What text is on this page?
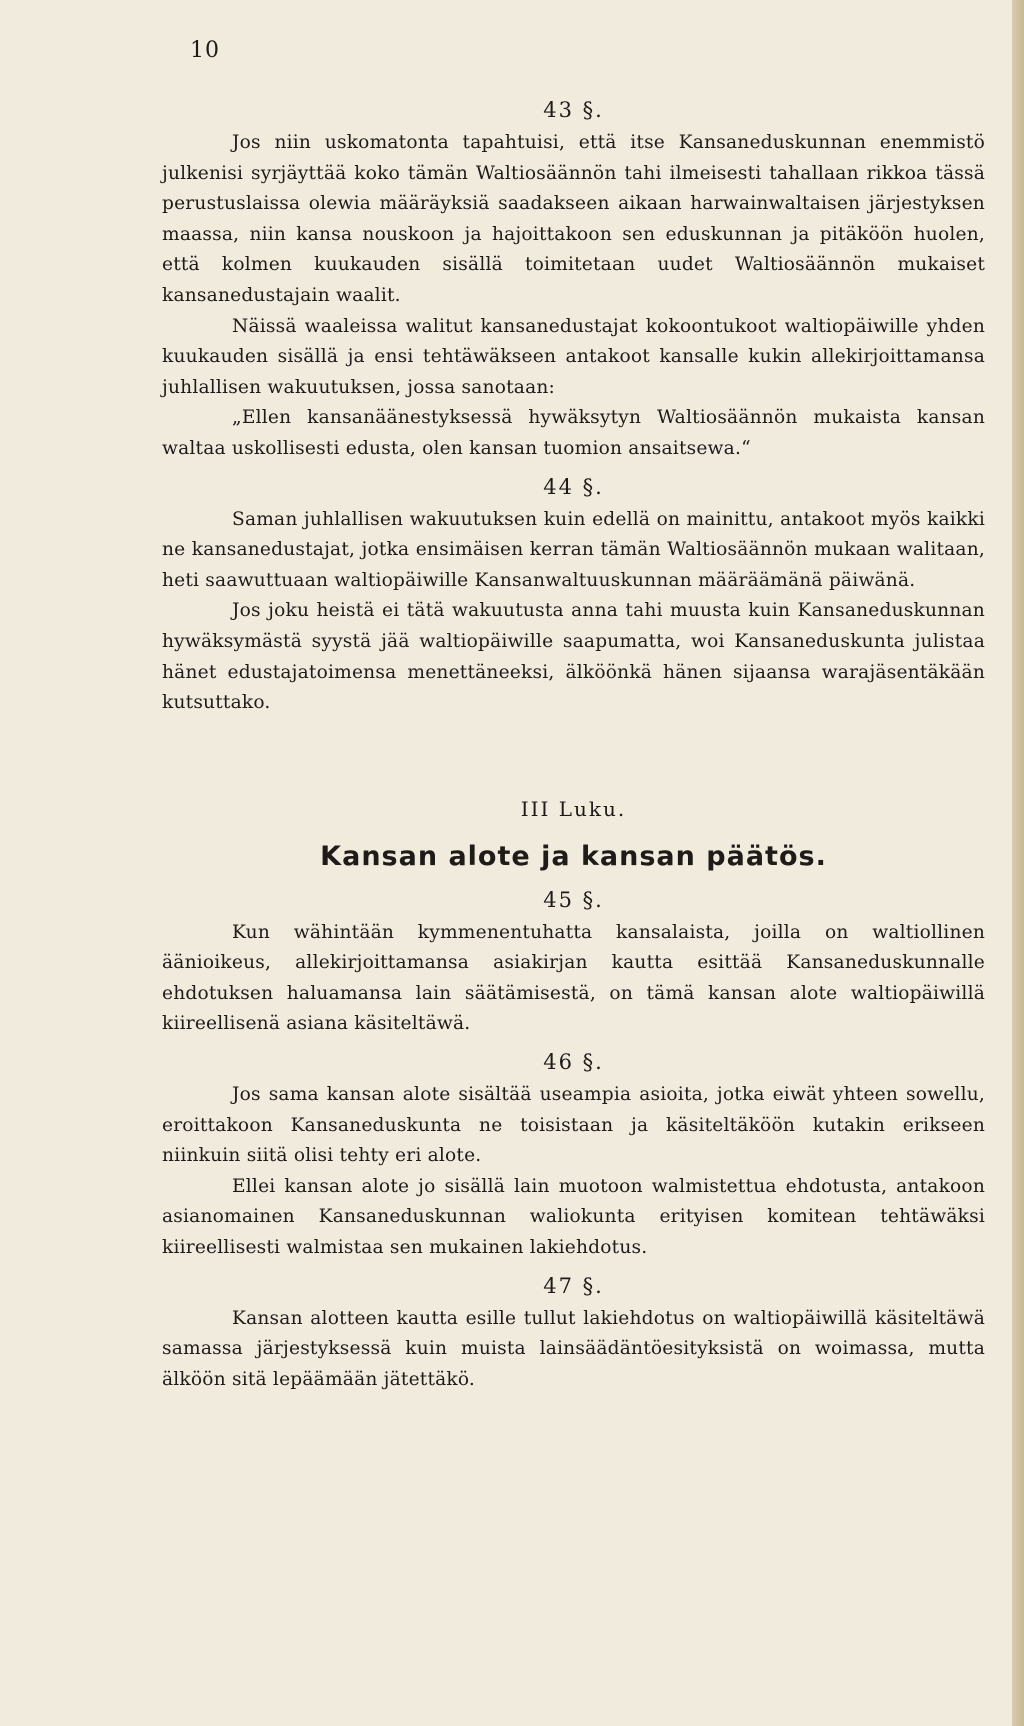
10
43 §.

Jos niin uskomatonta tapahtuisi, että itse Kansaneduskunnan enemmistö julkenisi syrjäyttää koko tämän Waltiosäännön tahi ilmeisesti tahallaan rikkoa tässä perustuslaissa olewia määräyksiä saadakseen aikaan harwainwaltaisen järjestyksen maassa, niin kansa nouskoon ja hajoittakoon sen eduskunnan ja pitäköön huolen, että kolmen kuukauden sisällä toimitetaan uudet Waltiosäännön mukaiset kansanedustajain waalit.

Näissä waaleissa walitut kansanedustajat kokoontukoot waltiopäiwille yhden kuukauden sisällä ja ensi tehtäwäkseen antakoot kansalle kukin allekirjoittamansa juhlallisen wakuutuksen, jossa sanotaan:

„Ellen kansanäänestyksessä hywäksytyn Waltiosäännön mukaista kansan waltaa uskollisesti edusta, olen kansan tuomion ansaitsewa.“

44 §.

Saman juhlallisen wakuutuksen kuin edellä on mainittu, antakoot myös kaikki ne kansanedustajat, jotka ensimäisen kerran tämän Waltiosäännön mukaan walitaan, heti saawuttuaan waltiopäiwille Kansanwaltuuskunnan määräämänä päiwänä.

Jos joku heistä ei tätä wakuutusta anna tahi muusta kuin Kansaneduskunnan hywäksymästä syystä jää waltiopäiwille saapumatta, woi Kansaneduskunta julistaa hänet edustajatoimensa menettäneeksi, älköönkä hänen sijaansa warajäsentäkään kutsuttako.

III Luku.
Kansan alote ja kansan päätös.
45 §.

Kun wähintään kymmenentuhatta kansalaista, joilla on waltiollinen äänioikeus, allekirjoittamansa asiakirjan kautta esittää Kansaneduskunnalle ehdotuksen haluamansa lain säätämisestä, on tämä kansan alote waltiopäiwillä kiireellisenä asiana käsiteltäwä.

46 §.

Jos sama kansan alote sisältää useampia asioita, jotka eiwät yhteen sowellu, eroittakoon Kansaneduskunta ne toisistaan ja käsiteltäköön kutakin erikseen niinkuin siitä olisi tehty eri alote.

Ellei kansan alote jo sisällä lain muotoon walmistettua ehdotusta, antakoon asianomainen Kansaneduskunnan waliokunta erityisen komitean tehtäwäksi kiireellisesti walmistaa sen mukainen lakiehdotus.

47 §.

Kansan alotteen kautta esille tullut lakiehdotus on waltiopäiwillä käsiteltäwä samassa järjestyksessä kuin muista lainsäädäntöesityksistä on woimassa, mutta älköön sitä lepäämään jätettäkö.
